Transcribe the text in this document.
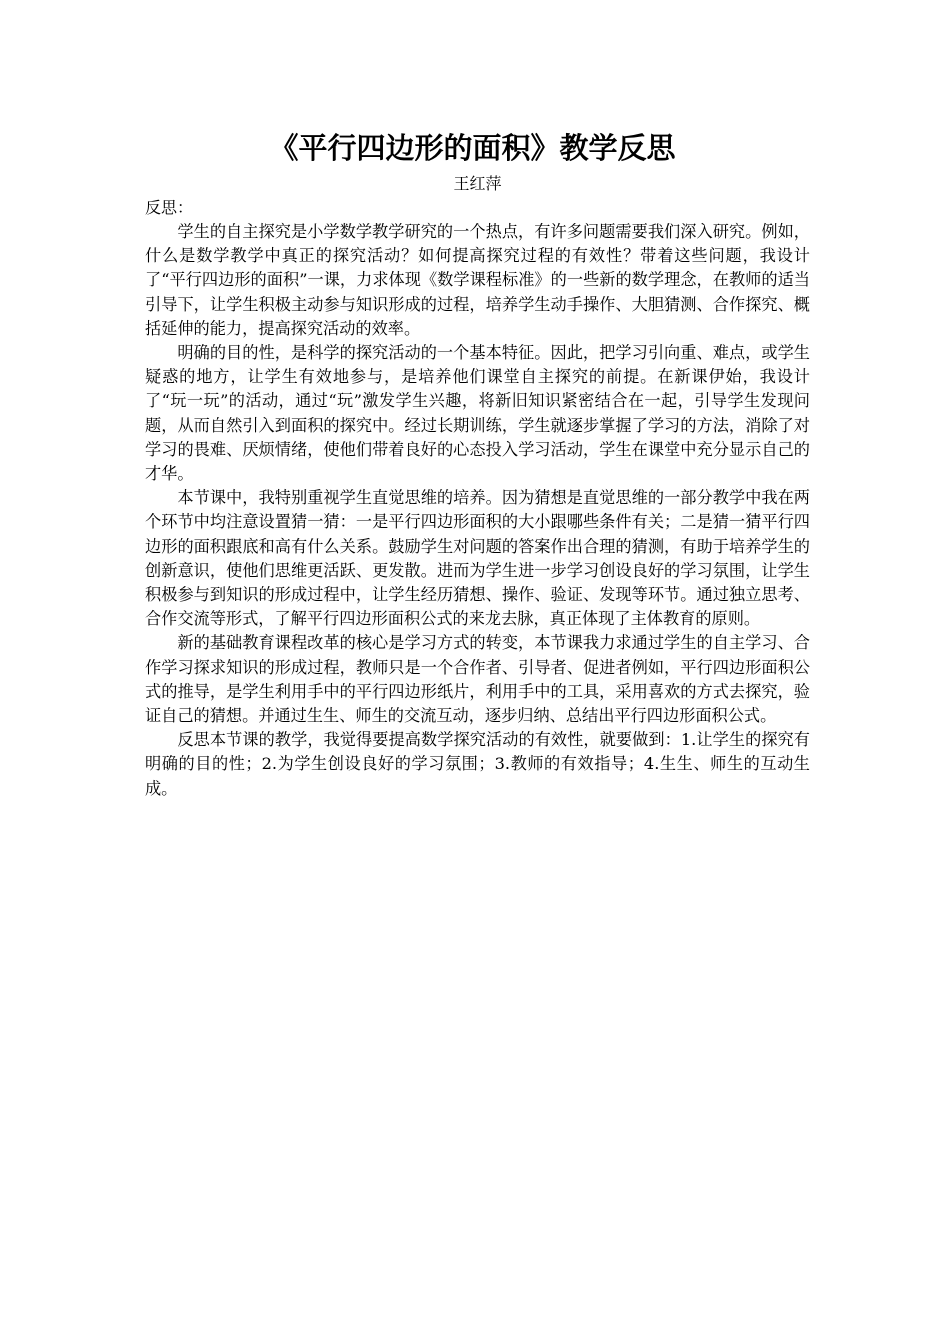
《平行四边形的面积》教学反思
王红萍
反思：

学生的自主探究是小学数学教学研究的一个热点，有许多问题需要我们深入研究。例如，什么是数学教学中真正的探究活动？如何提高探究过程的有效性？带着这些问题，我设计了“平行四边形的面积”一课，力求体现《数学课程标准》的一些新的数学理念，在教师的适当引导下，让学生积极主动参与知识形成的过程，培养学生动手操作、大胆猜测、合作探究、概括延伸的能力，提高探究活动的效率。

明确的目的性，是科学的探究活动的一个基本特征。因此，把学习引向重、难点，或学生疑惑的地方，让学生有效地参与，是培养他们课堂自主探究的前提。在新课伊始，我设计了“玩一玩”的活动，通过“玩”激发学生兴趣，将新旧知识紧密结合在一起，引导学生发现问题，从而自然引入到面积的探究中。经过长期训练，学生就逐步掌握了学习的方法，消除了对学习的畏难、厌烦情绪，使他们带着良好的心态投入学习活动，学生在课堂中充分显示自己的才华。

本节课中，我特别重视学生直觉思维的培养。因为猜想是直觉思维的一部分教学中我在两个环节中均注意设置猜一猜：一是平行四边形面积的大小跟哪些条件有关；二是猜一猜平行四边形的面积跟底和高有什么关系。鼓励学生对问题的答案作出合理的猜测，有助于培养学生的创新意识，使他们思维更活跃、更发散。进而为学生进一步学习创设良好的学习氛围，让学生积极参与到知识的形成过程中，让学生经历猜想、操作、验证、发现等环节。通过独立思考、合作交流等形式，了解平行四边形面积公式的来龙去脉，真正体现了主体教育的原则。

新的基础教育课程改革的核心是学习方式的转变，本节课我力求通过学生的自主学习、合作学习探求知识的形成过程，教师只是一个合作者、引导者、促进者例如，平行四边形面积公式的推导，是学生利用手中的平行四边形纸片，利用手中的工具，采用喜欢的方式去探究，验证自己的猜想。并通过生生、师生的交流互动，逐步归纳、总结出平行四边形面积公式。

反思本节课的教学，我觉得要提高数学探究活动的有效性，就要做到：1.让学生的探究有明确的目的性；2.为学生创设良好的学习氛围；3.教师的有效指导；4.生生、师生的互动生成。
